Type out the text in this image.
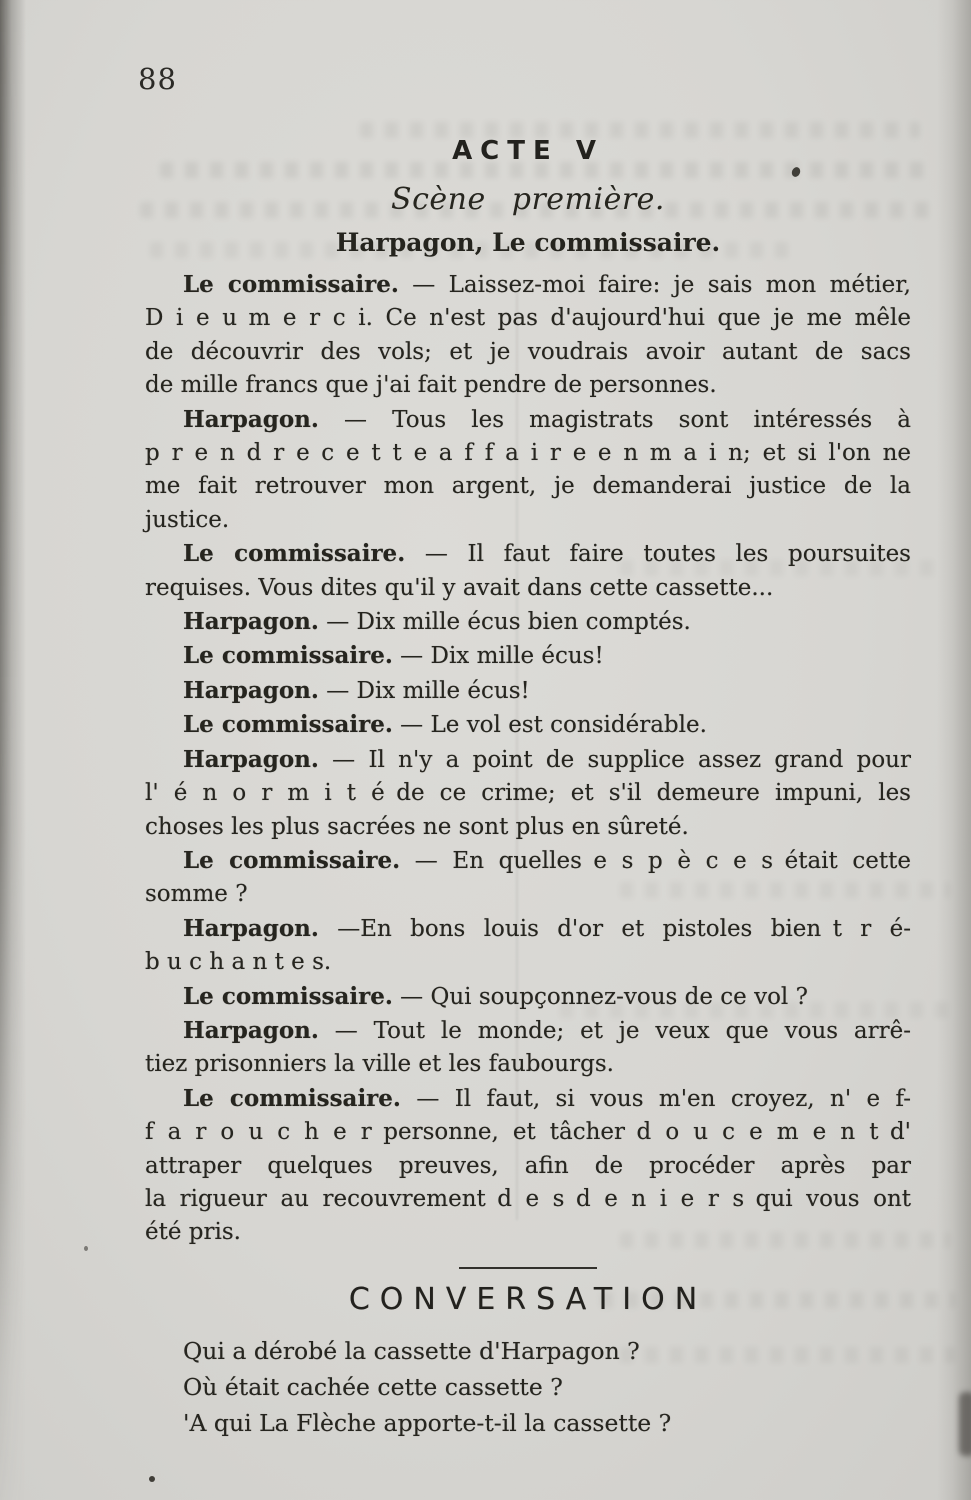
88
ACTE V
Scène première.
Harpagon, Le commissaire.

Le commissaire. — Laissez-moi faire: je sais mon métier,
D i e u m e r c i. Ce n'est pas d'aujourd'hui que je me mêle
de découvrir des vols; et je voudrais avoir autant de sacs
de mille francs que j'ai fait pendre de personnes.

Harpagon. — Tous les magistrats sont intéressés à
p r e n d r e c e t t e a f f a i r e e n m a i n; et si l'on ne
me fait retrouver mon argent, je demanderai justice de la
justice.

Le commissaire. — Il faut faire toutes les poursuites
requises. Vous dites qu'il y avait dans cette cassette...

Harpagon. — Dix mille écus bien comptés.

Le commissaire. — Dix mille écus!

Harpagon. — Dix mille écus!

Le commissaire. — Le vol est considérable.

Harpagon. — Il n'y a point de supplice assez grand pour
l' é n o r m i t é de ce crime; et s'il demeure impuni, les
choses les plus sacrées ne sont plus en sûreté.

Le commissaire. — En quelles e s p è c e s était cette
somme ?

Harpagon. —En bons louis d'or et pistoles bien t r é-
b u c h a n t e s.

Le commissaire. — Qui soupçonnez-vous de ce vol ?

Harpagon. — Tout le monde; et je veux que vous arrê-
tiez prisonniers la ville et les faubourgs.

Le commissaire. — Il faut, si vous m'en croyez, n' e f-
f a r o u c h e r personne, et tâcher d o u c e m e n t d'
attraper quelques preuves, afin de procéder après par
la rigueur au recouvrement d e s d e n i e r s qui vous ont
été pris.

CONVERSATION
Qui a dérobé la cassette d'Harpagon ?
Où était cachée cette cassette ?
'A qui La Flèche apporte-t-il la cassette ?
